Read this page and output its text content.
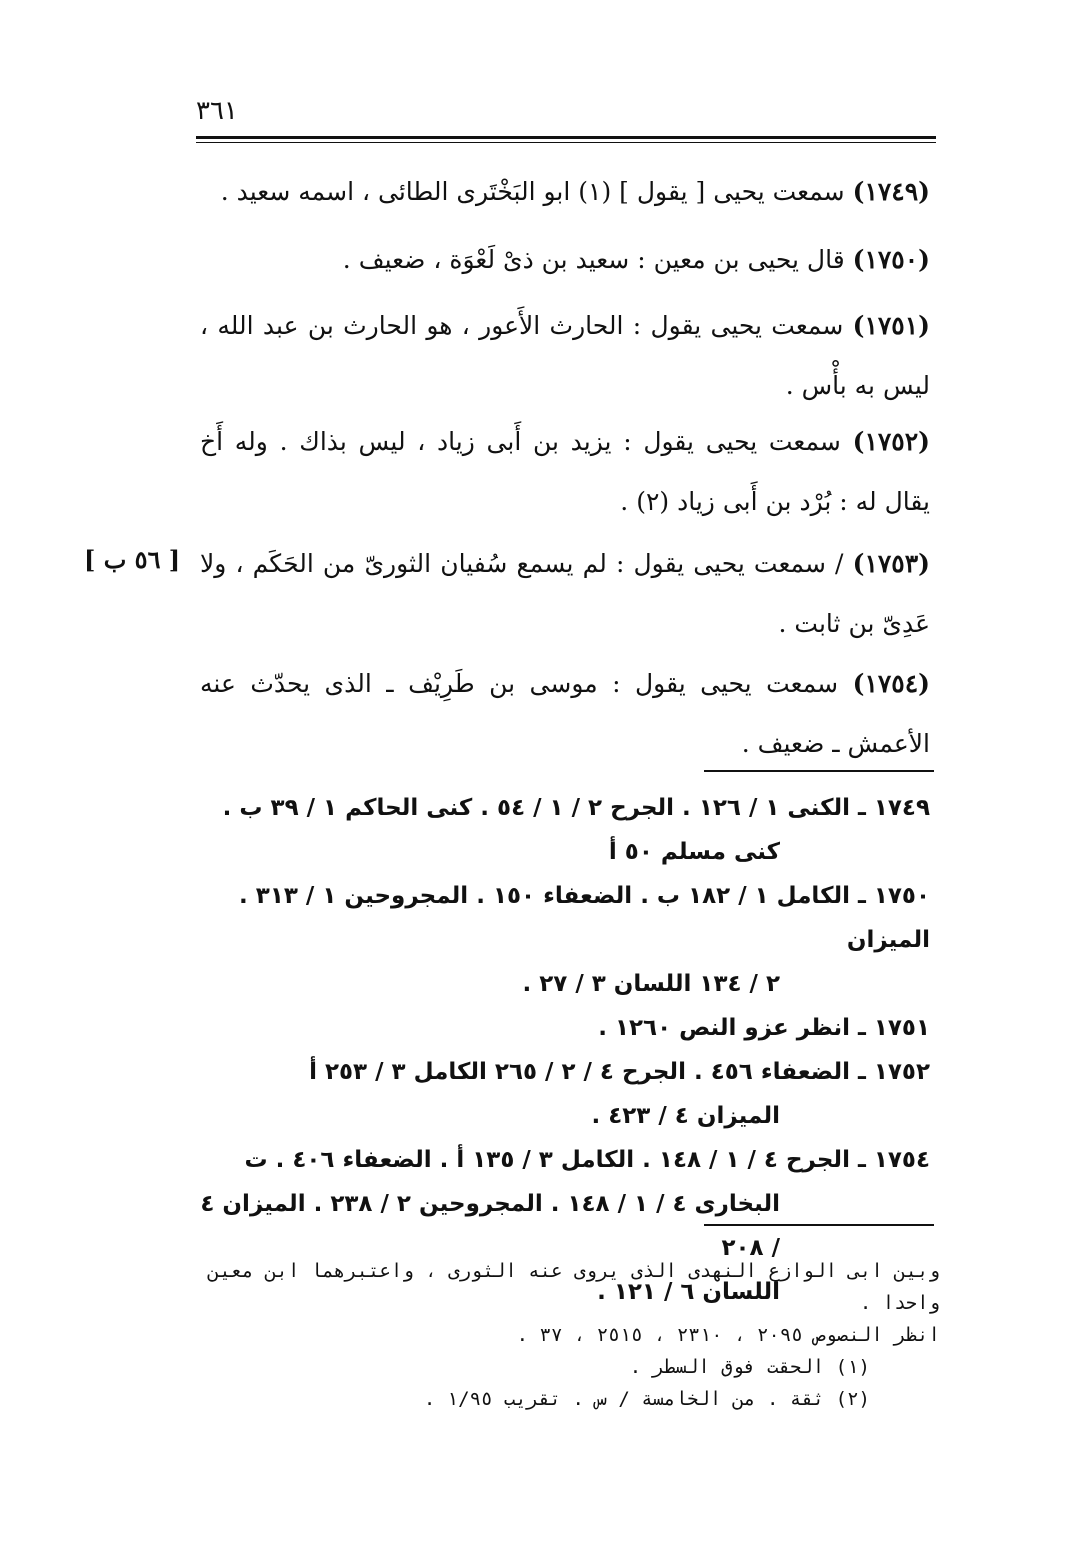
٣٦١
(١٧٤٩) سمعت يحيى [ يقول ] (١) ابو البَخْتَرى الطائى ، اسمه سعيد .
(١٧٥٠) قال يحيى بن معين : سعيد بن ذىْ لَعْوَة ، ضعيف .
(١٧٥١) سمعت يحيى يقول : الحارث الأَعور ، هو الحارث بن عبد الله ، ليس به بأْس .
(١٧٥٢) سمعت يحيى يقول : يزيد بن أَبى زياد ، ليس بذاك . وله أَخ يقال له : بُرْد بن أَبى زياد (٢) .
[ ٥٦ ب ]	(١٧٥٣) / سمعت يحيى يقول : لم يسمع سُفيان الثورىّ من الحَكَم ، ولا عَدِىّ بن ثابت .
(١٧٥٤) سمعت يحيى يقول : موسى بن طَرِيْف ـ الذى يحدّث عنه الأعمش ـ ضعيف .
١٧٤٩ ـ الكنى ١ / ١٢٦ . الجرح ٢ / ١ / ٥٤ . كنى الحاكم ١ / ٣٩ ب .
كنى مسلم ٥٠ أ
١٧٥٠ ـ الكامل ١ / ١٨٢ ب . الضعفاء ١٥٠ . المجروحين ١ / ٣١٣ . الميزان
٢ / ١٣٤ اللسان ٣ / ٢٧ .
١٧٥١ ـ انظر عزو النص ١٢٦٠ .
١٧٥٢ ـ الضعفاء ٤٥٦ . الجرح ٤ / ٢ / ٢٦٥ الكامل ٣ / ٢٥٣ أ
الميزان ٤ / ٤٢٣ .
١٧٥٤ ـ الجرح ٤ / ١ / ١٤٨ . الكامل ٣ / ١٣٥ أ . الضعفاء ٤٠٦ . ت
البخارى ٤ / ١ / ١٤٨ . المجروحين ٢ / ٢٣٨ . الميزان ٤ / ٢٠٨
اللسان ٦ / ١٢١ .
وبين ابى الوازع النهدى الذى يروى عنه الثورى ، واعتبرهما ابن معين واحدا .
انظر النصوص ٢٠٩٥ ، ٢٣١٠ ، ٢٥١٥ ، ٣٧ .
(١) الحقت فوق السطر .
(٢) ثقة . من الخامسة / س . تقريب ١/٩٥ .
